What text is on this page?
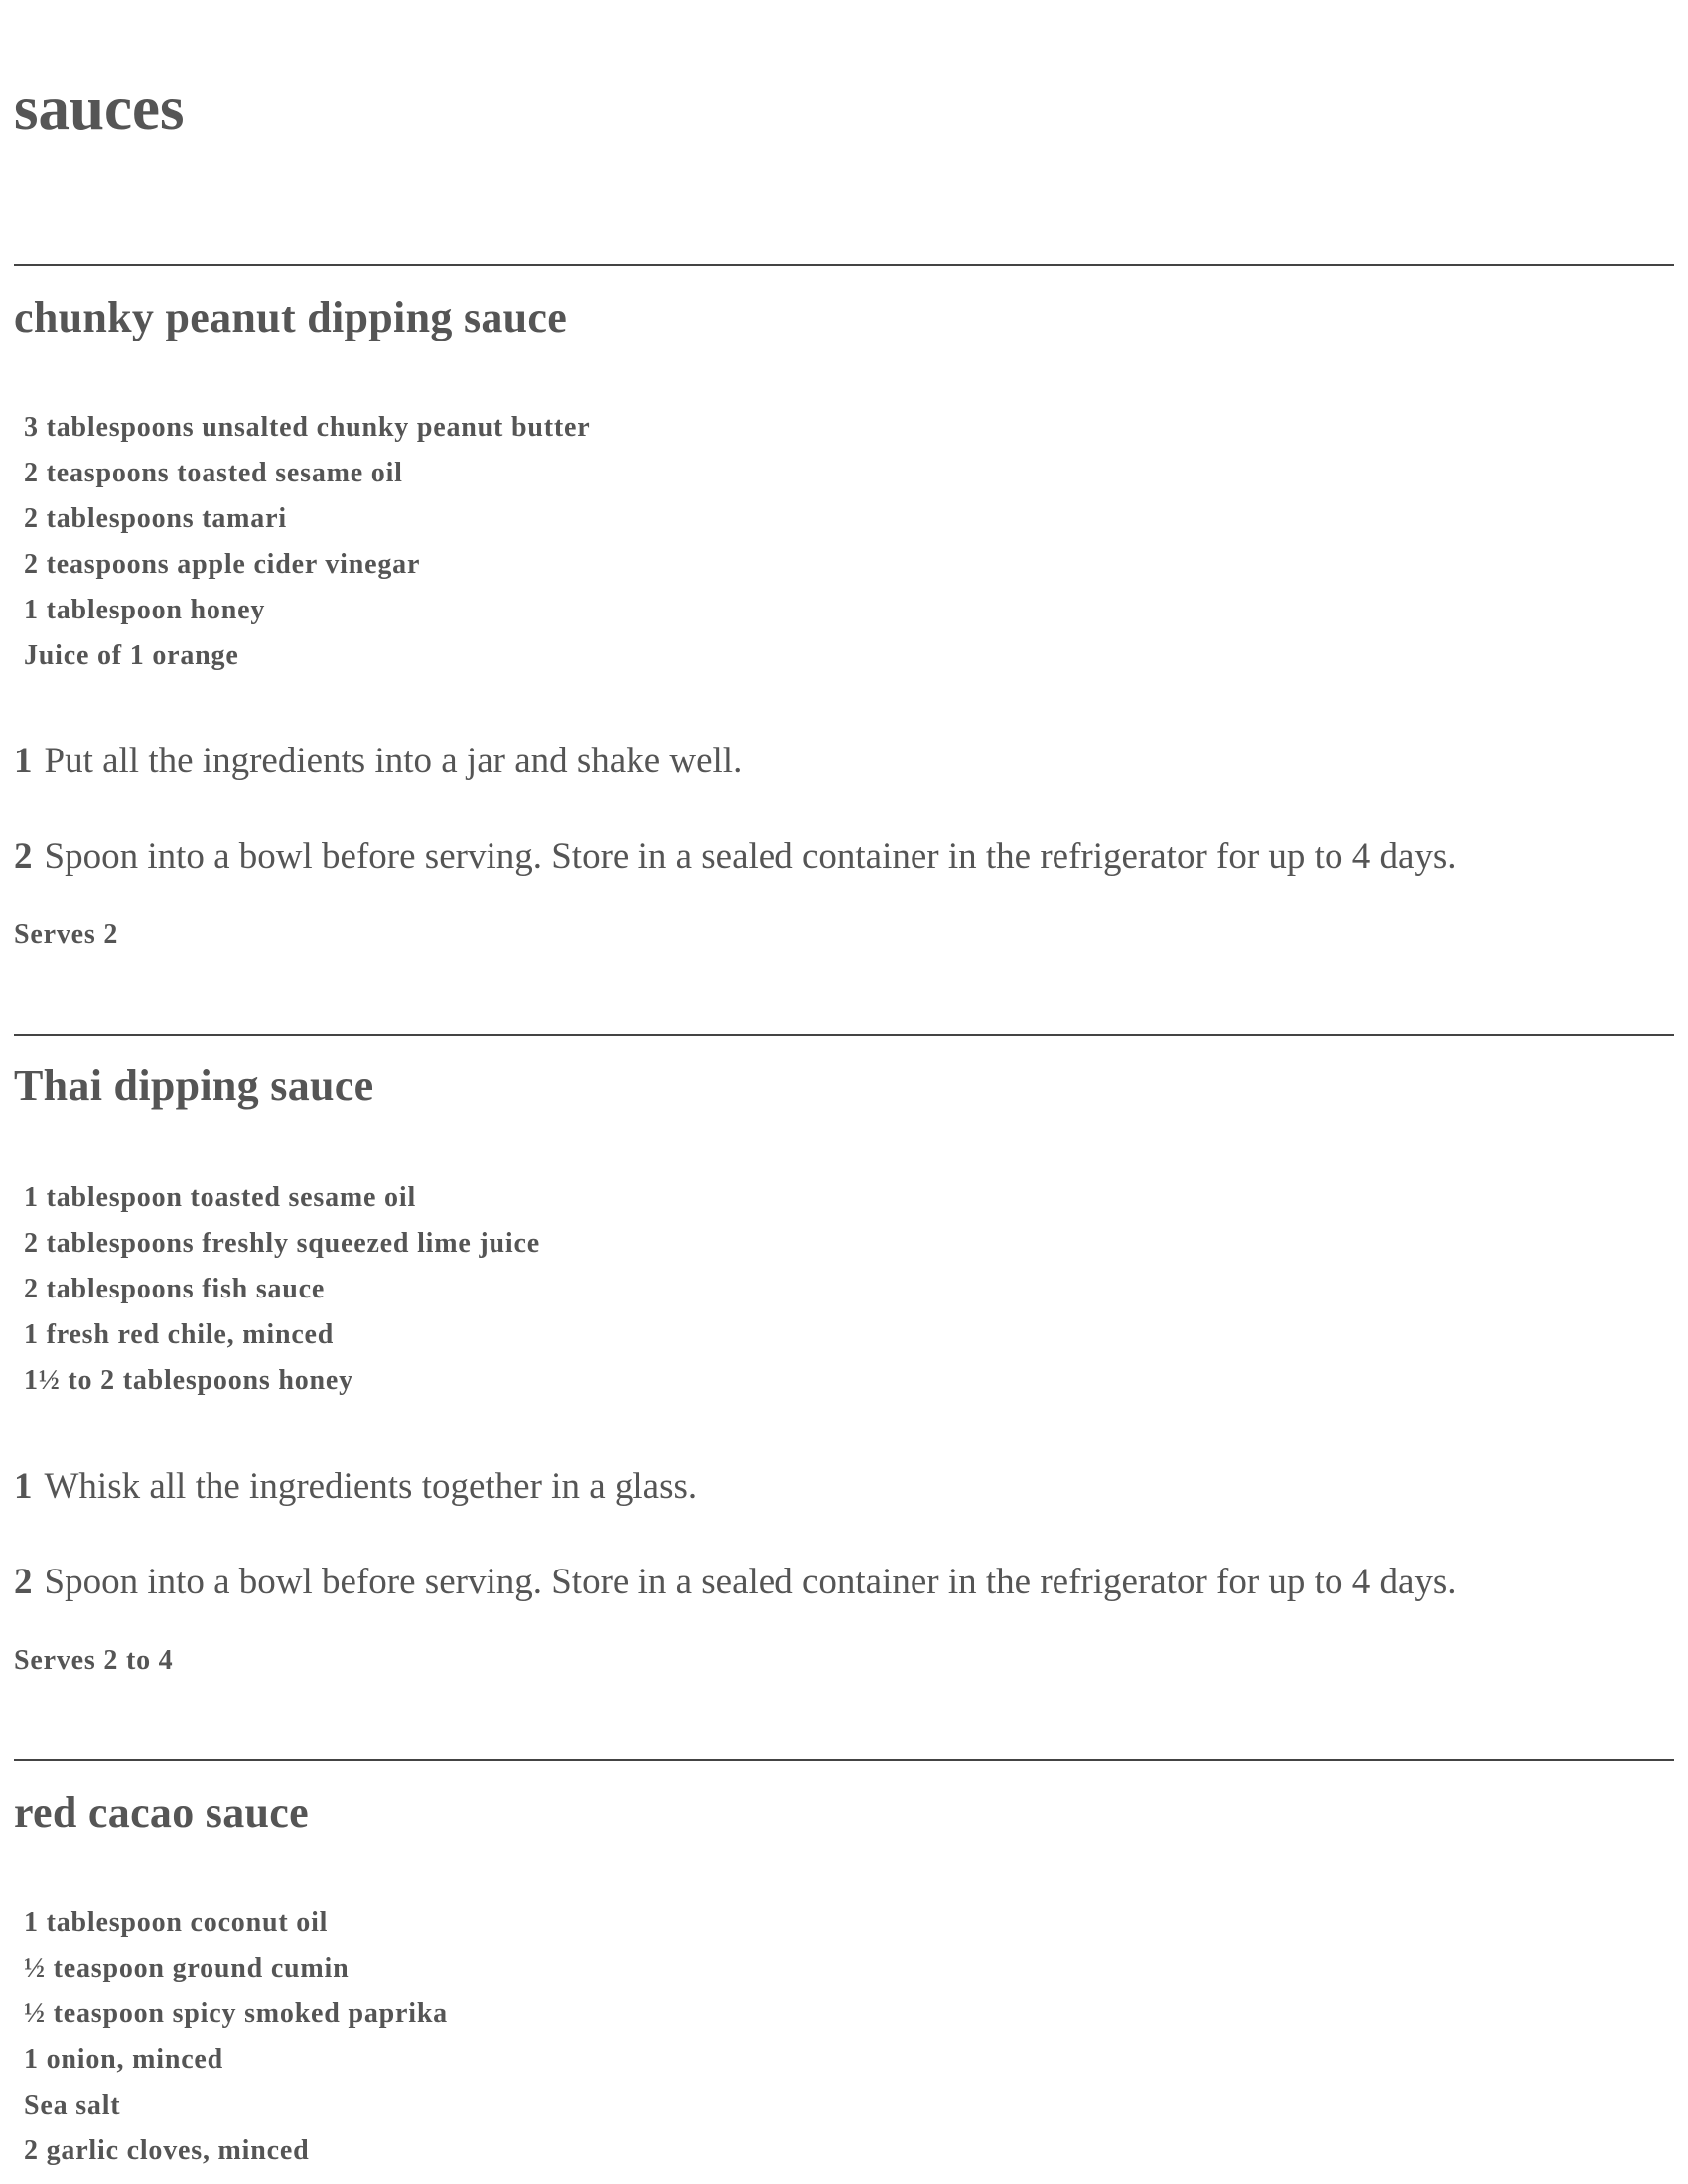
sauces
chunky peanut dipping sauce
3 tablespoons unsalted chunky peanut butter
2 teaspoons toasted sesame oil
2 tablespoons tamari
2 teaspoons apple cider vinegar
1 tablespoon honey
Juice of 1 orange
1 Put all the ingredients into a jar and shake well.
2 Spoon into a bowl before serving. Store in a sealed container in the refrigerator for up to 4 days.
Serves 2
Thai dipping sauce
1 tablespoon toasted sesame oil
2 tablespoons freshly squeezed lime juice
2 tablespoons fish sauce
1 fresh red chile, minced
1½ to 2 tablespoons honey
1 Whisk all the ingredients together in a glass.
2 Spoon into a bowl before serving. Store in a sealed container in the refrigerator for up to 4 days.
Serves 2 to 4
red cacao sauce
1 tablespoon coconut oil
½ teaspoon ground cumin
½ teaspoon spicy smoked paprika
1 onion, minced
Sea salt
2 garlic cloves, minced
